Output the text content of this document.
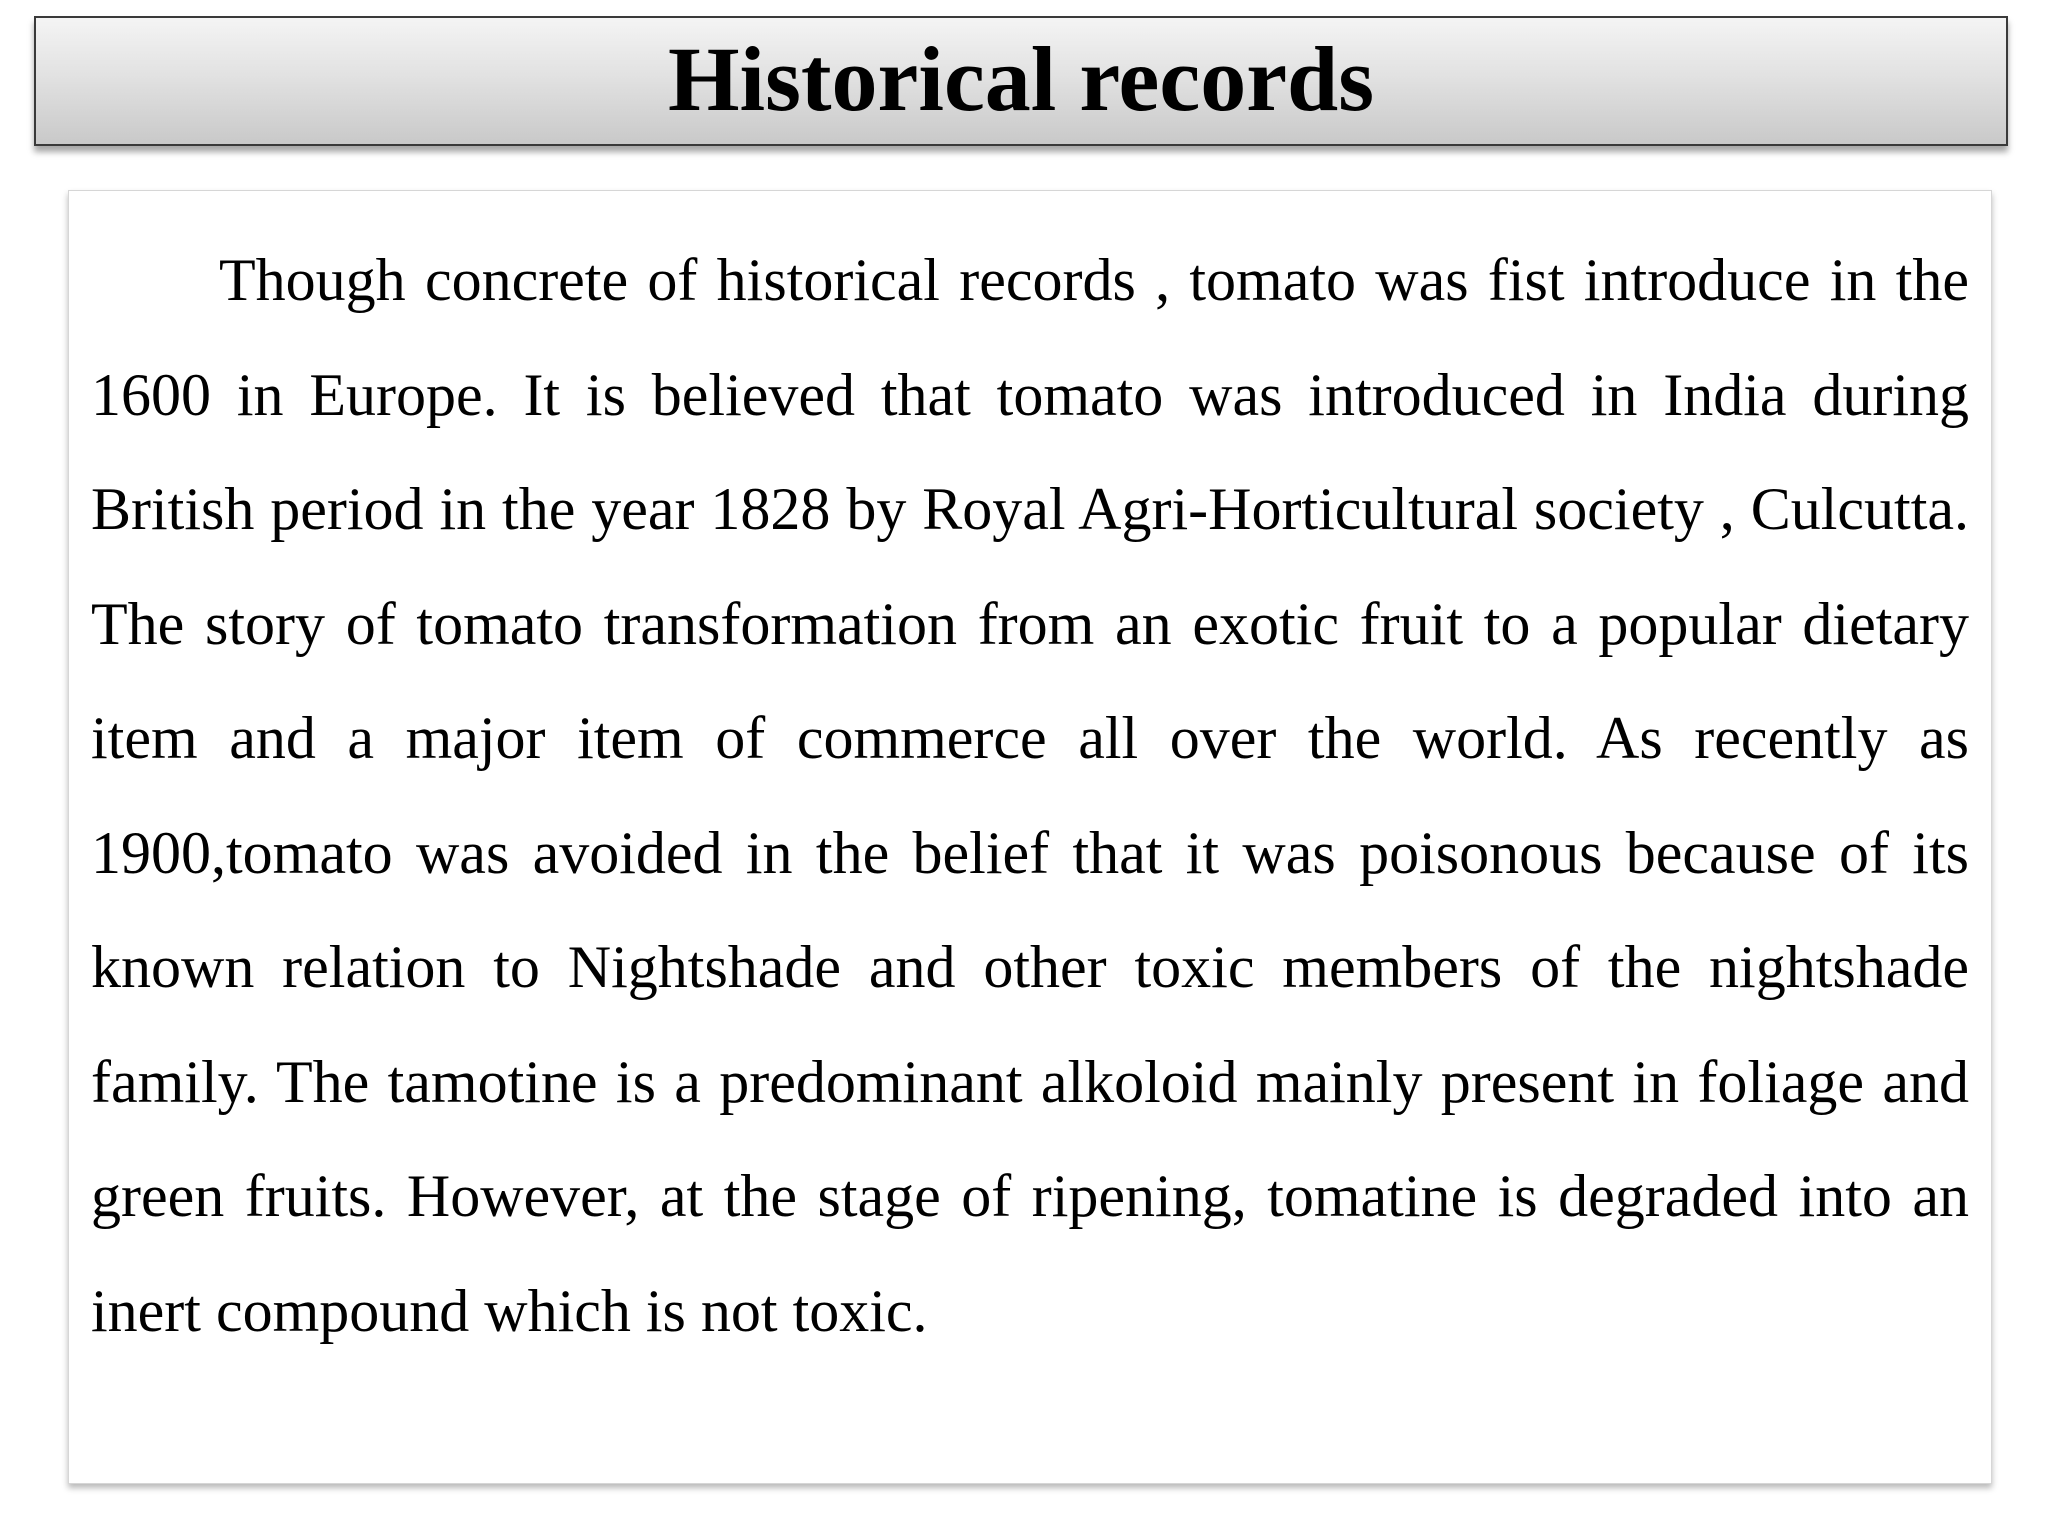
Historical records

Though concrete of historical records , tomato was fist introduce in the 1600 in Europe. It is believed that tomato was introduced in India during British period in the year 1828 by Royal Agri-Horticultural society , Culcutta. The story of tomato transformation from an exotic fruit to a popular dietary item and a major item of commerce all over the world. As recently as 1900,tomato was avoided in the belief that it was poisonous because of its known relation to Nightshade and other toxic members of the nightshade family. The tamotine is a predominant alkoloid mainly present in foliage and green fruits. However, at the stage of ripening, tomatine is degraded into an inert compound which is not toxic.
